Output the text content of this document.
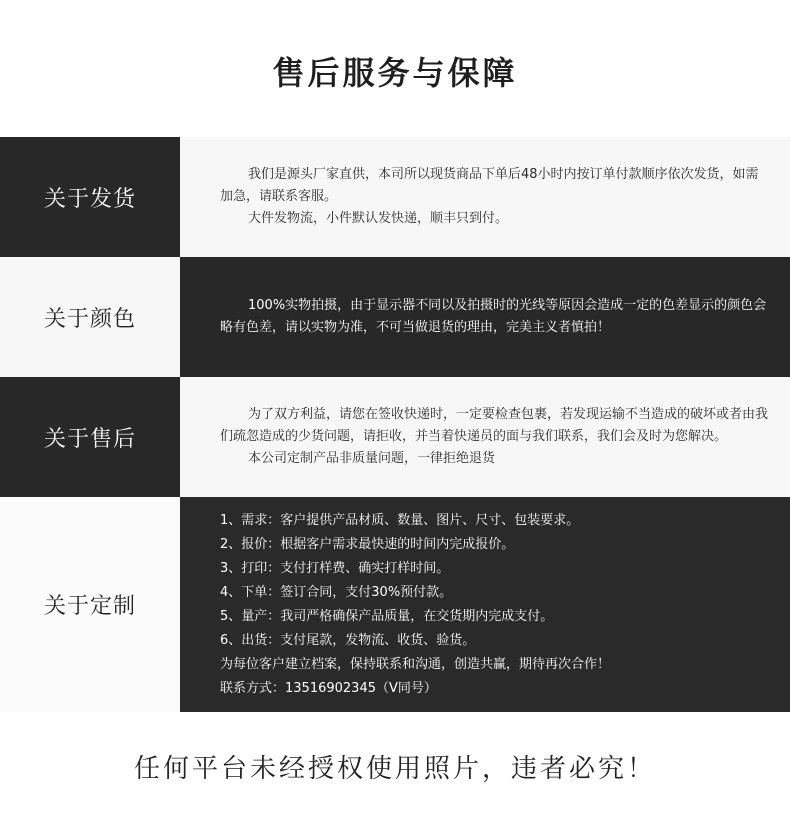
售后服务与保障
关于发货

我们是源头厂家直供，本司所以现货商品下单后48小时内按订单付款顺序依次发货，如需加急，请联系客服。

大件发物流，小件默认发快递，顺丰只到付。

关于颜色

100%实物拍摄，由于显示器不同以及拍摄时的光线等原因会造成一定的色差显示的颜色会略有色差，请以实物为准，不可当做退货的理由，完美主义者慎拍！

关于售后

为了双方利益，请您在签收快递时，一定要检查包裹，若发现运输不当造成的破坏或者由我们疏忽造成的少货问题，请拒收，并当着快递员的面与我们联系，我们会及时为您解决。

本公司定制产品非质量问题，一律拒绝退货

关于定制

1、需求：客户提供产品材质、数量、图片、尺寸、包装要求。

2、报价：根据客户需求最快速的时间内完成报价。

3、打印：支付打样费、确实打样时间。

4、下单：签订合同，支付30%预付款。

5、量产：我司严格确保产品质量，在交货期内完成支付。

6、出货：支付尾款，发物流、收货、验货。

为每位客户建立档案，保持联系和沟通，创造共赢，期待再次合作！

联系方式：13516902345（V同号）

任何平台未经授权使用照片，违者必究！
